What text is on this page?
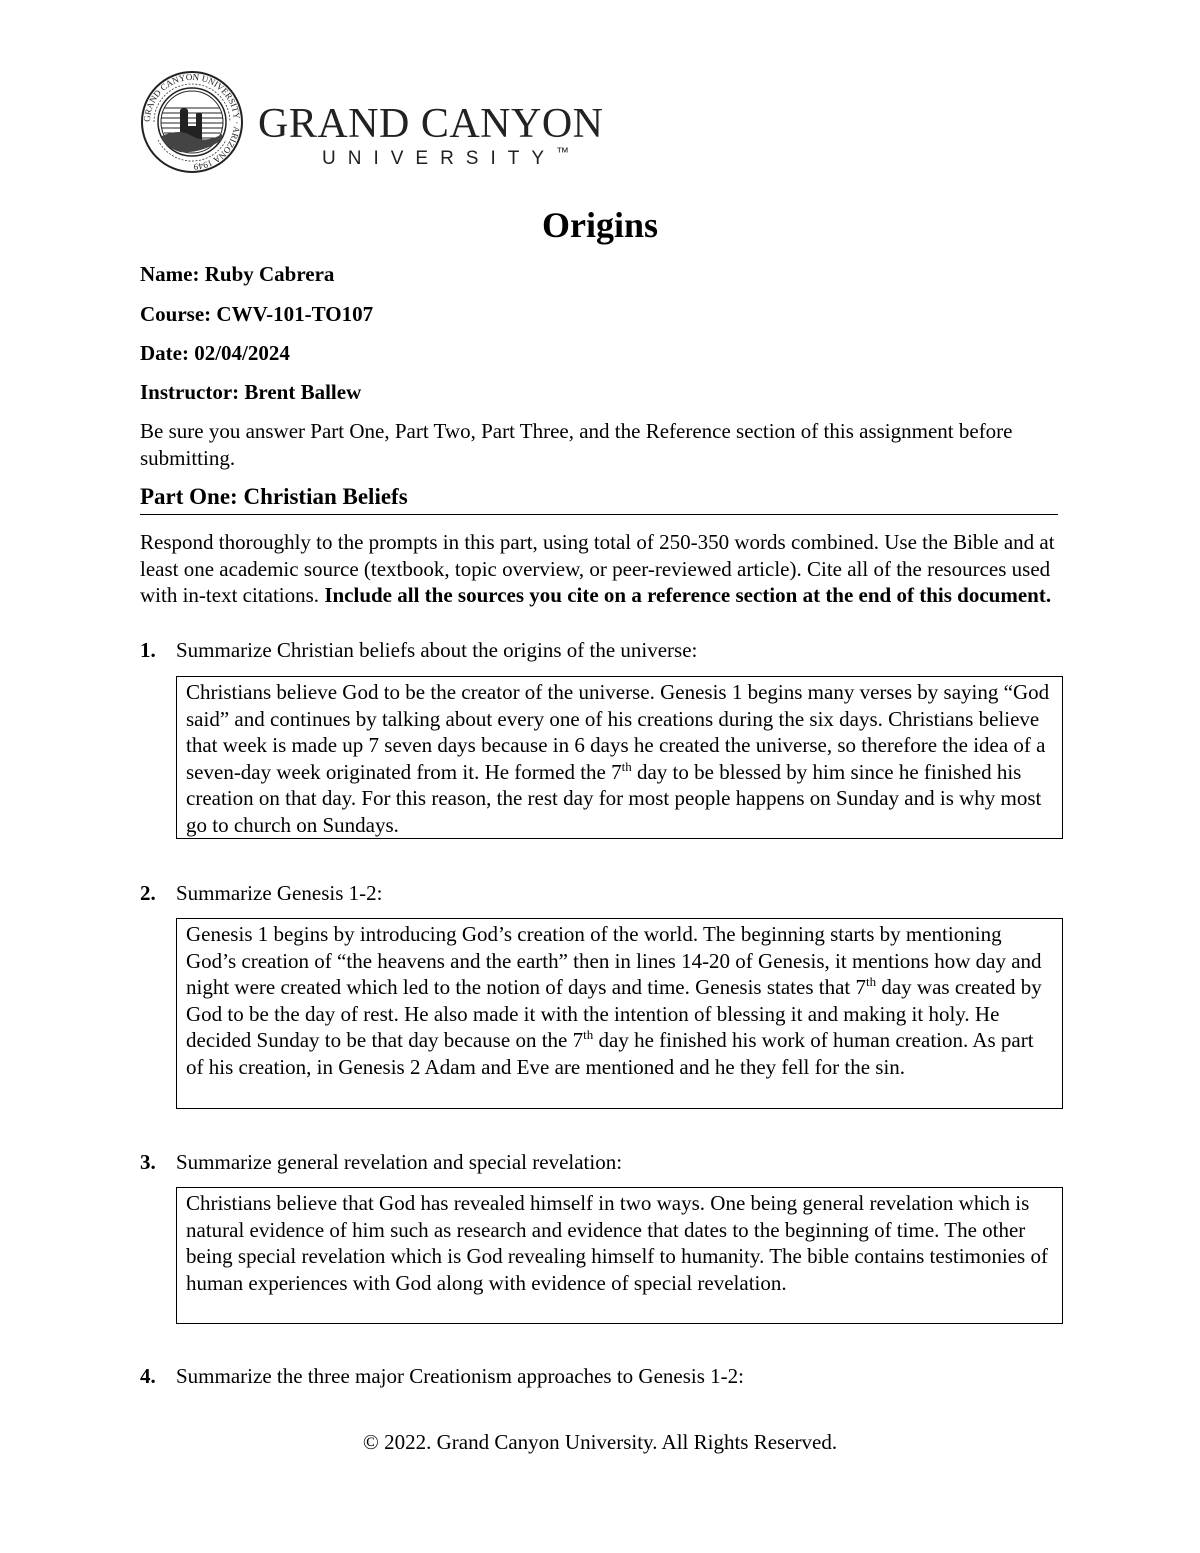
GRAND CANYON UNIVERSITY · ARIZONA 1949
GRAND CANYON
UNIVERSITY™
Origins
Name: Ruby Cabrera
Course: CWV-101-TO107
Date: 02/04/2024
Instructor: Brent Ballew
Be sure you answer Part One, Part Two, Part Three, and the Reference section of this assignment before submitting.
Part One: Christian Beliefs
Respond thoroughly to the prompts in this part, using total of 250-350 words combined. Use the Bible and at least one academic source (textbook, topic overview, or peer-reviewed article). Cite all of the resources used with in-text citations. Include all the sources you cite on a reference section at the end of this document.
1. Summarize Christian beliefs about the origins of the universe:
Christians believe God to be the creator of the universe. Genesis 1 begins many verses by saying “God said” and continues by talking about every one of his creations during the six days. Christians believe that week is made up 7 seven days because in 6 days he created the universe, so therefore the idea of a seven-day week originated from it. He formed the 7th day to be blessed by him since he finished his creation on that day. For this reason, the rest day for most people happens on Sunday and is why most go to church on Sundays.
2. Summarize Genesis 1-2:
Genesis 1 begins by introducing God’s creation of the world. The beginning starts by mentioning God’s creation of “the heavens and the earth” then in lines 14-20 of Genesis, it mentions how day and night were created which led to the notion of days and time. Genesis states that 7th day was created by God to be the day of rest. He also made it with the intention of blessing it and making it holy. He decided Sunday to be that day because on the 7th day he finished his work of human creation. As part of his creation, in Genesis 2 Adam and Eve are mentioned and he they fell for the sin.
3. Summarize general revelation and special revelation:
Christians believe that God has revealed himself in two ways. One being general revelation which is natural evidence of him such as research and evidence that dates to the beginning of time. The other being special revelation which is God revealing himself to humanity. The bible contains testimonies of human experiences with God along with evidence of special revelation.
4. Summarize the three major Creationism approaches to Genesis 1-2:
© 2022. Grand Canyon University. All Rights Reserved.
